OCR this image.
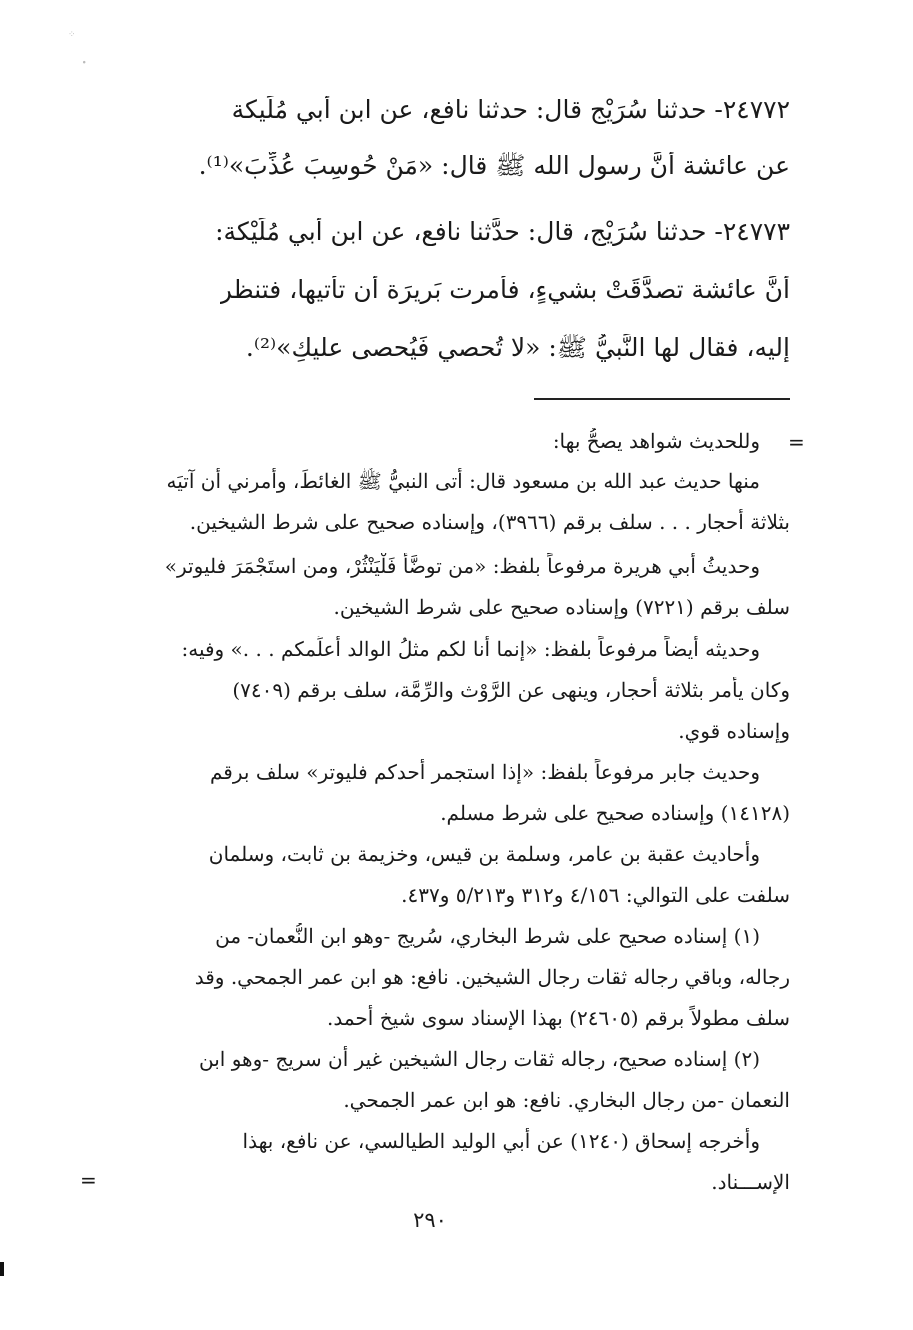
⁘
∙

٢٤٧٧٢- حدثنا سُرَيْج قال: حدثنا نافع، عن ابن أبي مُلَيكة

عن عائشة أنَّ رسول الله ﷺ قال: «مَنْ حُوسِبَ عُذِّبَ»⁽¹⁾.

٢٤٧٧٣- حدثنا سُرَيْج، قال: حدَّثنا نافع، عن ابن أبي مُلَيْكة:

أنَّ عائشة تصدَّقَتْ بشيءٍ، فأمرت بَريرَة أن تأتيها، فتنظر

إليه، فقال لها النَّبيُّ ﷺ: «لا تُحصي فَيُحصى عليكِ»⁽²⁾.

=

وللحديث شواهد يصحُّ بها:

منها حديث عبد الله بن مسعود قال: أتى النبيُّ ﷺ الغائطَ، وأمرني أن آتيَه

بثلاثة أحجار . . . سلف برقم (٣٩٦٦)، وإسناده صحيح على شرط الشيخين.

وحديثُ أبي هريرة مرفوعاً بلفظ: «من توضَّأ فَلْيَنْثُرْ، ومن استَجْمَرَ فليوتر»

سلف برقم (٧٢٢١) وإسناده صحيح على شرط الشيخين.

وحديثه أيضاً مرفوعاً بلفظ: «إنما أنا لكم مثلُ الوالد أعلِّمكم . . .» وفيه:

وكان يأمر بثلاثة أحجار، وينهى عن الرَّوْث والرِّمَّة، سلف برقم (٧٤٠٩)

وإسناده قوي.

وحديث جابر مرفوعاً بلفظ: «إذا استجمر أحدكم فليوتر» سلف برقم

(١٤١٢٨) وإسناده صحيح على شرط مسلم.

وأحاديث عقبة بن عامر، وسلمة بن قيس، وخزيمة بن ثابت، وسلمان

سلفت على التوالي: ٤/١٥٦ و٣١٢ و٥/٢١٣ و٤٣٧.

(١) إسناده صحيح على شرط البخاري، سُريج -وهو ابن النُّعمان- من

رجاله، وباقي رجاله ثقات رجال الشيخين. نافع: هو ابن عمر الجمحي. وقد

سلف مطولاً برقم (٢٤٦٠٥) بهذا الإسناد سوى شيخ أحمد.

(٢) إسناده صحيح، رجاله ثقات رجال الشيخين غير أن سريج -وهو ابن

النعمان -من رجال البخاري. نافع: هو ابن عمر الجمحي.

وأخرجه إسحاق (١٢٤٠) عن أبي الوليد الطيالسي، عن نافع، بهذا

الإســـناد.

=
٢٩٠
